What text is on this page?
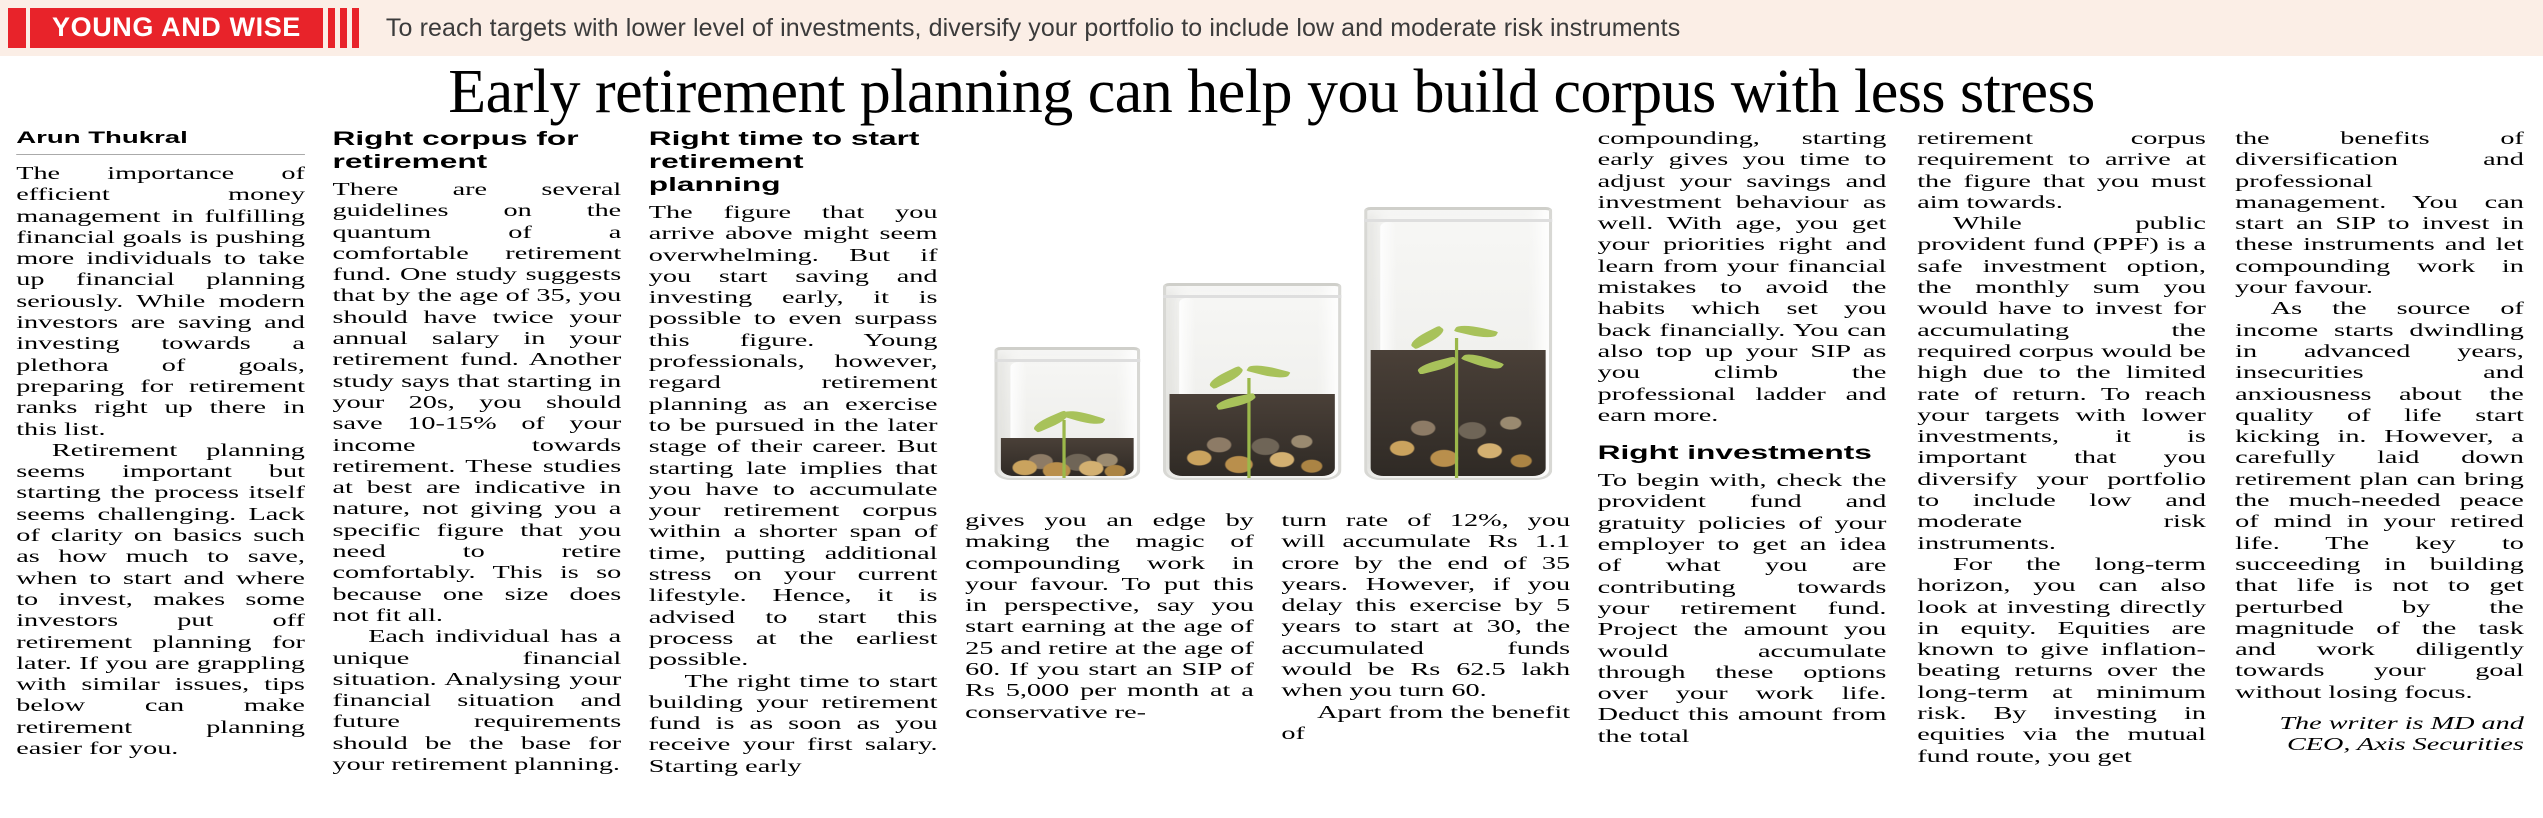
YOUNG AND WISE	To reach targets with lower level of investments, diversify your portfolio to include low and moderate risk instruments
Early retirement planning can help you build corpus with less stress
Arun Thukral

The importance of efficient money management in fulfilling financial goals is pushing more individuals to take up financial planning seriously. While modern investors are saving and investing towards a plethora of goals, preparing for retirement ranks right up there in this list.

Retirement planning seems important but starting the process itself seems challenging. Lack of clarity on basics such as how much to save, when to start and where to invest, makes some investors put off retirement planning for later. If you are grappling with similar issues, tips below can make retirement planning easier for you.

Right corpus for retirement

There are several guidelines on the quantum of a comfortable retirement fund. One study suggests that by the age of 35, you should have twice your annual salary in your retirement fund. Another study says that starting in your 20s, you should save 10-15% of your income towards retirement. These studies at best are indicative in nature, not giving you a specific figure that you need to retire comfortably. This is so because one size does not fit all.

Each individual has a unique financial situation. Analysing your financial situation and future requirements should be the base for your retirement planning.

Right time to start retirement planning

The figure that you arrive above might seem overwhelming. But if you start saving and investing early, it is possible to even surpass this figure. Young professionals, however, regard retirement planning as an exercise to be pursued in the later stage of their career. But starting late implies that you have to accumulate your retirement corpus within a shorter span of time, putting additional stress on your current lifestyle. Hence, it is advised to start this process at the earliest possible.

The right time to start building your retirement fund is as soon as you receive your first salary. Starting early

gives you an edge by making the magic of compounding work in your favour. To put this in perspective, say you start earning at the age of 25 and retire at the age of 60. If you start an SIP of Rs 5,000 per month at a conservative re-

turn rate of 12%, you will accumulate Rs 1.1 crore by the end of 35 years. However, if you delay this exercise by 5 years to start at 30, the accumulated funds would be Rs 62.5 lakh when you turn 60.

Apart from the benefit of

compounding, starting early gives you time to adjust your savings and investment behaviour as well. With age, you get your priorities right and learn from your financial mistakes to avoid the habits which set you back financially. You can also top up your SIP as you climb the professional ladder and earn more.

Right investments

To begin with, check the provident fund and gratuity policies of your employer to get an idea of what you are contributing towards your retirement fund. Project the amount you would accumulate through these options over your work life. Deduct this amount from the total

retirement corpus requirement to arrive at the figure that you must aim towards.

While public provident fund (PPF) is a safe investment option, the monthly sum you would have to invest for accumulating the required corpus would be high due to the limited rate of return. To reach your targets with lower investments, it is important that you diversify your portfolio to include low and moderate risk instruments.

For the long-term horizon, you can also look at investing directly in equity. Equities are known to give inflation-beating returns over the long-term at minimum risk. By investing in equities via the mutual fund route, you get

the benefits of diversification and professional management. You can start an SIP to invest in these instruments and let compounding work in your favour.

As the source of income starts dwindling in advanced years, insecurities and anxiousness about the quality of life start kicking in. However, a carefully laid down retirement plan can bring the much-needed peace of mind in your retired life. The key to succeeding in building that life is not to get perturbed by the magnitude of the task and work diligently towards your goal without losing focus.

The writer is MD and
CEO, Axis Securities
